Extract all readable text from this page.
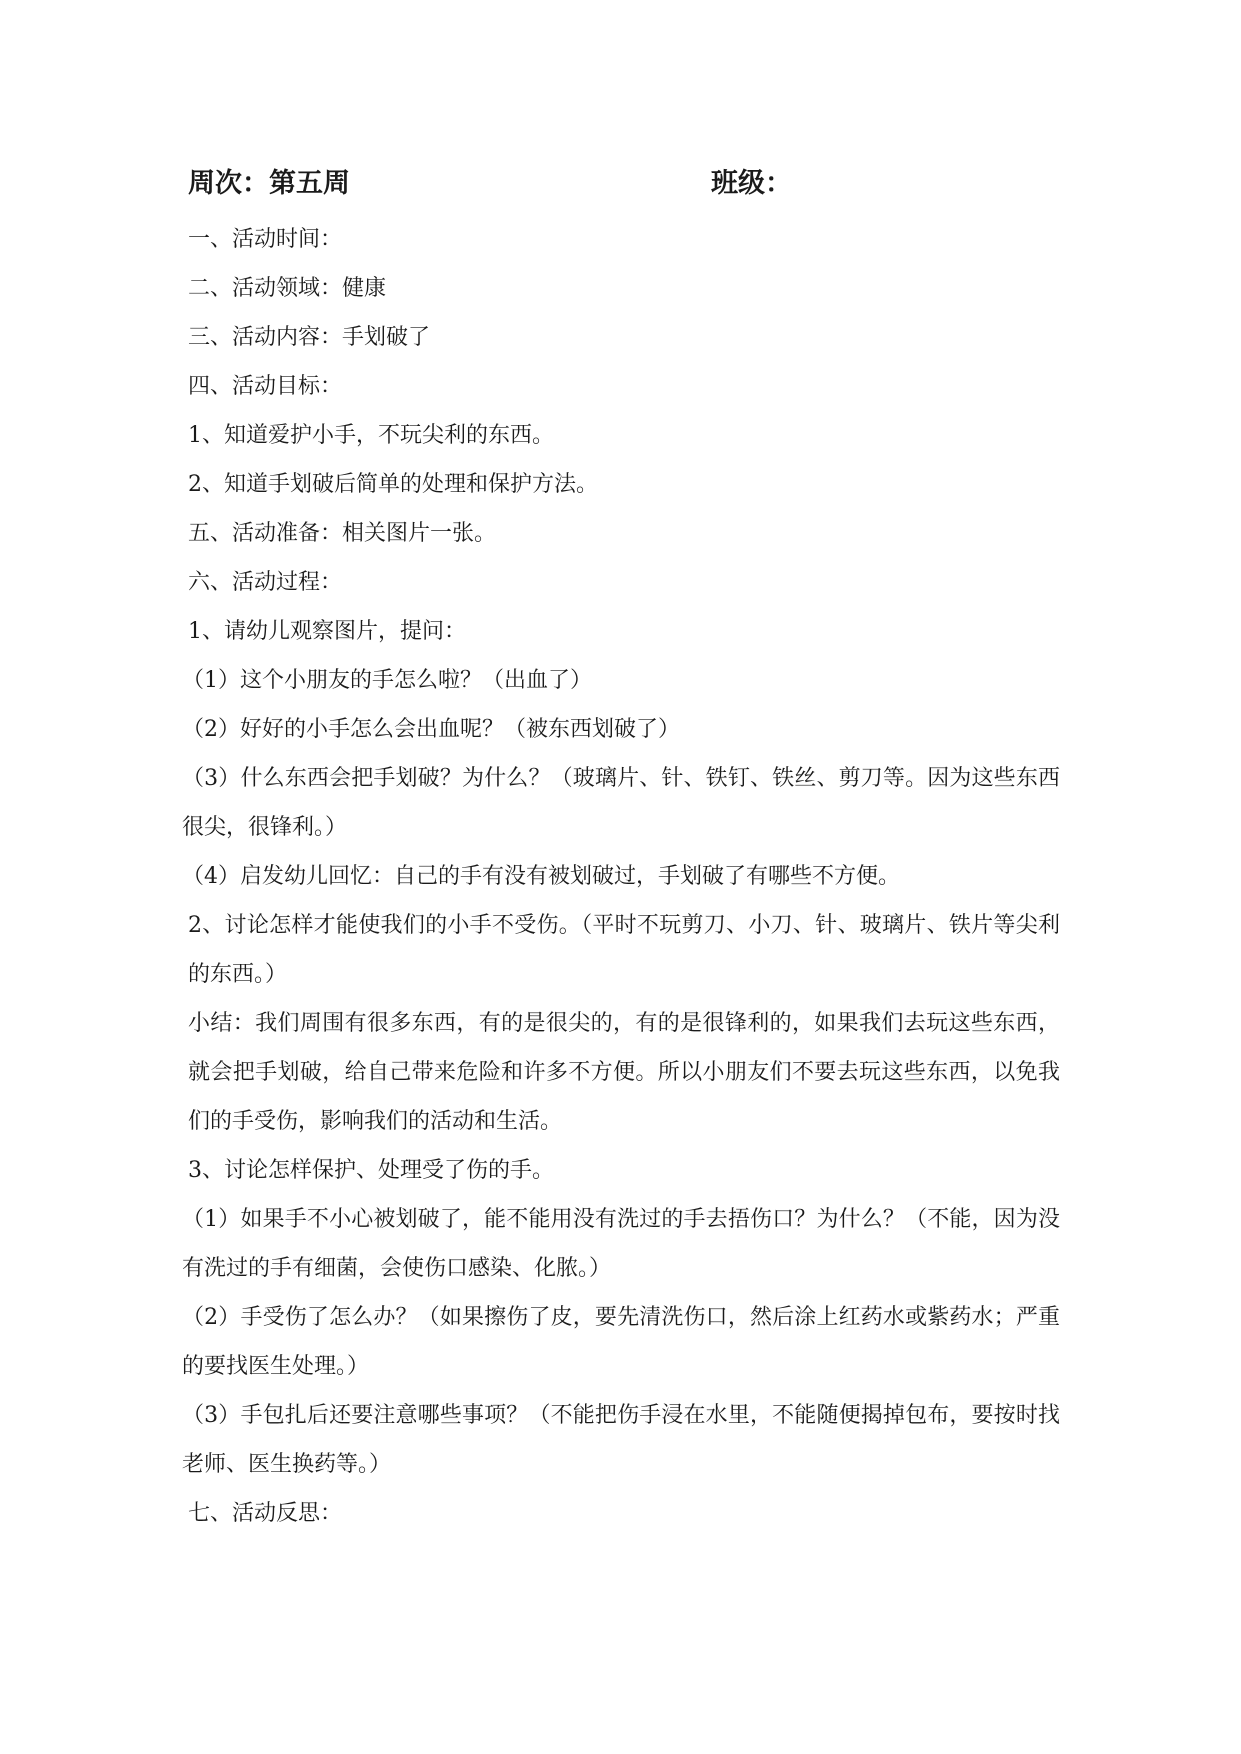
周次：第五周	班级：

一、活动时间：

二、活动领域：健康

三、活动内容：手划破了

四、活动目标：

1、知道爱护小手，不玩尖利的东西。

2、知道手划破后简单的处理和保护方法。

五、活动准备：相关图片一张。

六、活动过程：

1、请幼儿观察图片，提问：

（1）这个小朋友的手怎么啦？（出血了）

（2）好好的小手怎么会出血呢？（被东西划破了）

（3）什么东西会把手划破？为什么？（玻璃片、针、铁钉、铁丝、剪刀等。因为这些东西很尖，很锋利。）

（4）启发幼儿回忆：自己的手有没有被划破过，手划破了有哪些不方便。

2、讨论怎样才能使我们的小手不受伤。（平时不玩剪刀、小刀、针、玻璃片、铁片等尖利的东西。）

小结：我们周围有很多东西，有的是很尖的，有的是很锋利的，如果我们去玩这些东西，就会把手划破，给自己带来危险和许多不方便。所以小朋友们不要去玩这些东西，以免我们的手受伤，影响我们的活动和生活。

3、讨论怎样保护、处理受了伤的手。

（1）如果手不小心被划破了，能不能用没有洗过的手去捂伤口？为什么？（不能，因为没有洗过的手有细菌，会使伤口感染、化脓。）

（2）手受伤了怎么办？（如果擦伤了皮，要先清洗伤口，然后涂上红药水或紫药水；严重的要找医生处理。）

（3）手包扎后还要注意哪些事项？（不能把伤手浸在水里，不能随便揭掉包布，要按时找老师、医生换药等。）

七、活动反思：
